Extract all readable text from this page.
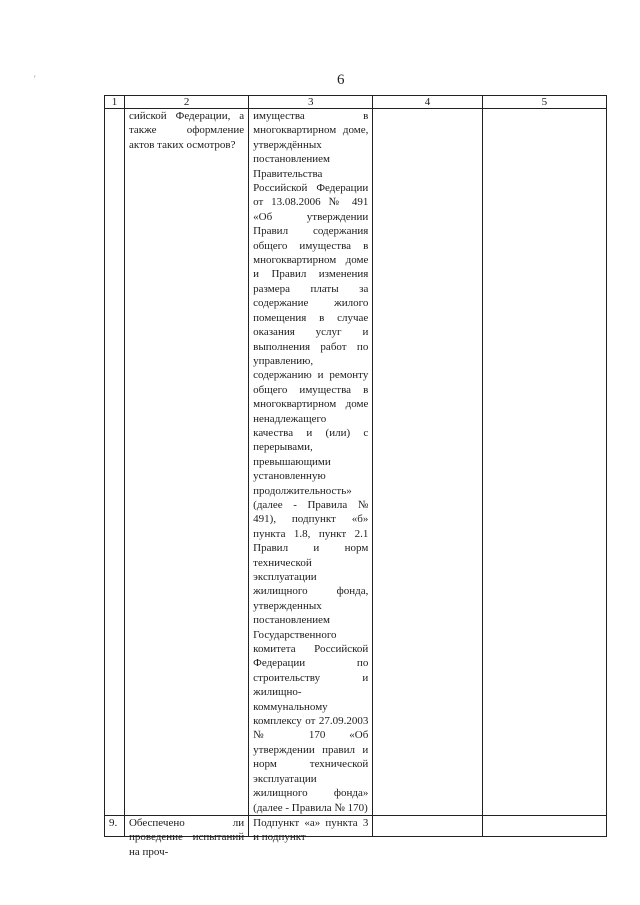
'	6
1	2	3	4	5

	сийской Федерации, а также оформление актов таких осмотров?	имущества в многоквартирном доме, утверждённых постановлением Правительства Российской Федерации от 13.08.2006 № 491 «Об утверждении Правил содержания общего имущества в многоквартирном доме и Правил изменения размера платы за содержание жилого помещения в случае оказания услуг и выполнения работ по управлению, содержанию и ремонту общего имущества в многоквартирном доме ненадлежащего качества и (или) с перерывами, превышающими установленную продолжительность» (далее - Правила № 491), подпункт «б» пункта 1.8, пункт 2.1 Правил и норм технической эксплуатации жилищного фонда, утвержденных постановлением Государственного комитета Российской Федерации по строительству и жилищно-коммунальному комплексу от 27.09.2003 № 170 «Об утверждении правил и норм технической эксплуатации жилищного фонда» (далее - Правила № 170)		

9.	Обеспечено ли проведение испытаний на проч-	Подпункт «а» пункта 3 и подпункт		
